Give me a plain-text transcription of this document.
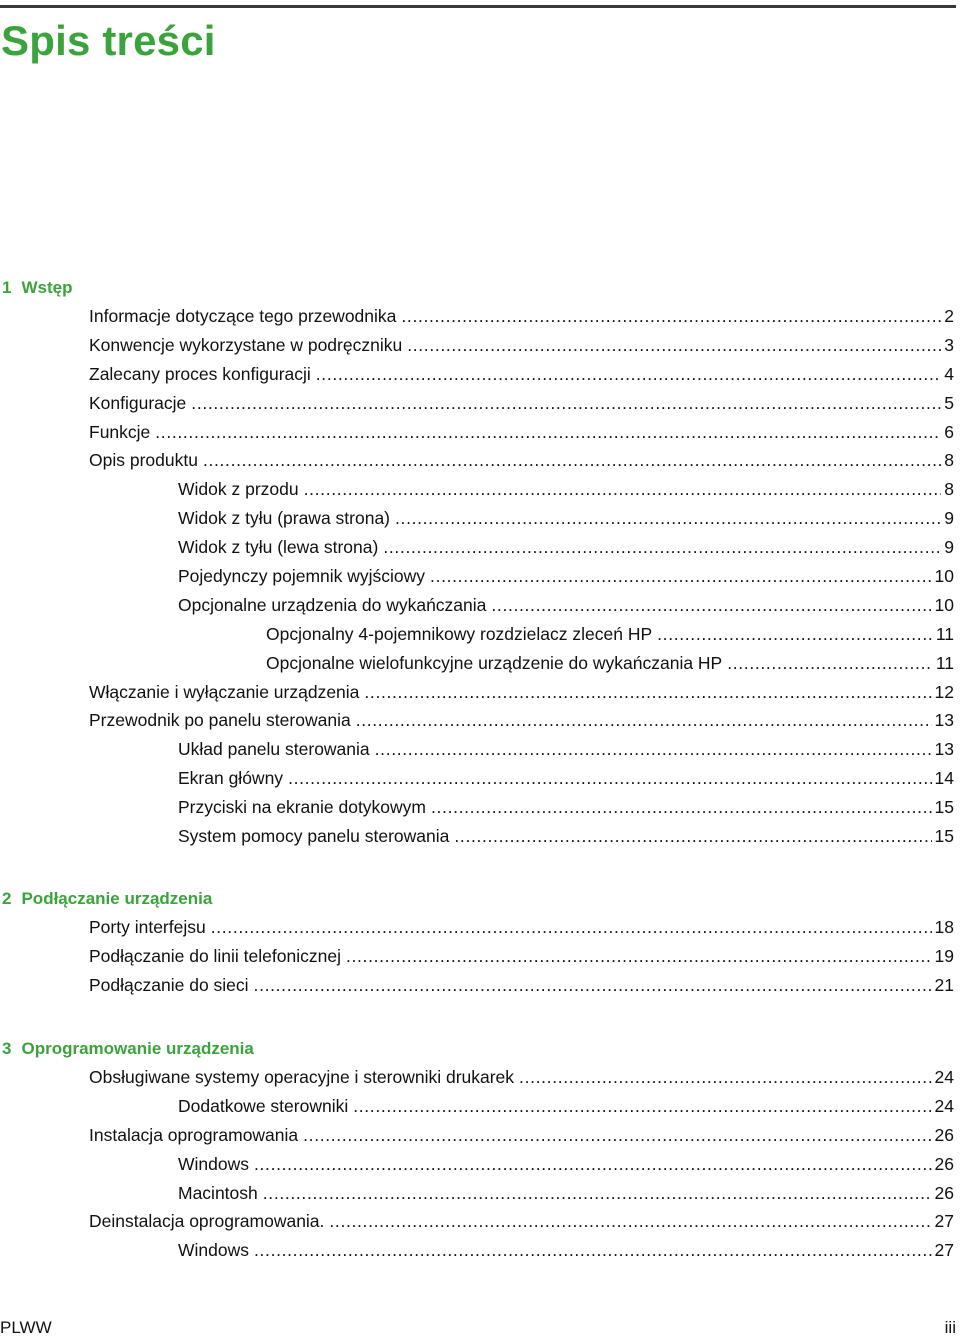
Spis treści
1 Wstęp
Informacje dotyczące tego przewodnika . . .	2
Konwencje wykorzystane w podręczniku . . .	3
Zalecany proces konfiguracji . . .	4
Konfiguracje . . .	5
Funkcje . . .	6
Opis produktu . . .	8
Widok z przodu . . .	8
Widok z tyłu (prawa strona) . . .	9
Widok z tyłu (lewa strona) . . .	9
Pojedynczy pojemnik wyjściowy . . .	10
Opcjonalne urządzenia do wykańczania . . .	10
Opcjonalny 4-pojemnikowy rozdzielacz zleceń HP . . .	11
Opcjonalne wielofunkcyjne urządzenie do wykańczania HP . . .	11
Włączanie i wyłączanie urządzenia . . .	12
Przewodnik po panelu sterowania . . .	13
Układ panelu sterowania . . .	13
Ekran główny . . .	14
Przyciski na ekranie dotykowym . . .	15
System pomocy panelu sterowania . . .	15
2 Podłączanie urządzenia
Porty interfejsu . . .	18
Podłączanie do linii telefonicznej . . .	19
Podłączanie do sieci . . .	21
3 Oprogramowanie urządzenia
Obsługiwane systemy operacyjne i sterowniki drukarek . . .	24
Dodatkowe sterowniki . . .	24
Instalacja oprogramowania . . .	26
Windows . . .	26
Macintosh . . .	26
Deinstalacja oprogramowania. . . .	27
Windows . . .	27
PLWW	iii
